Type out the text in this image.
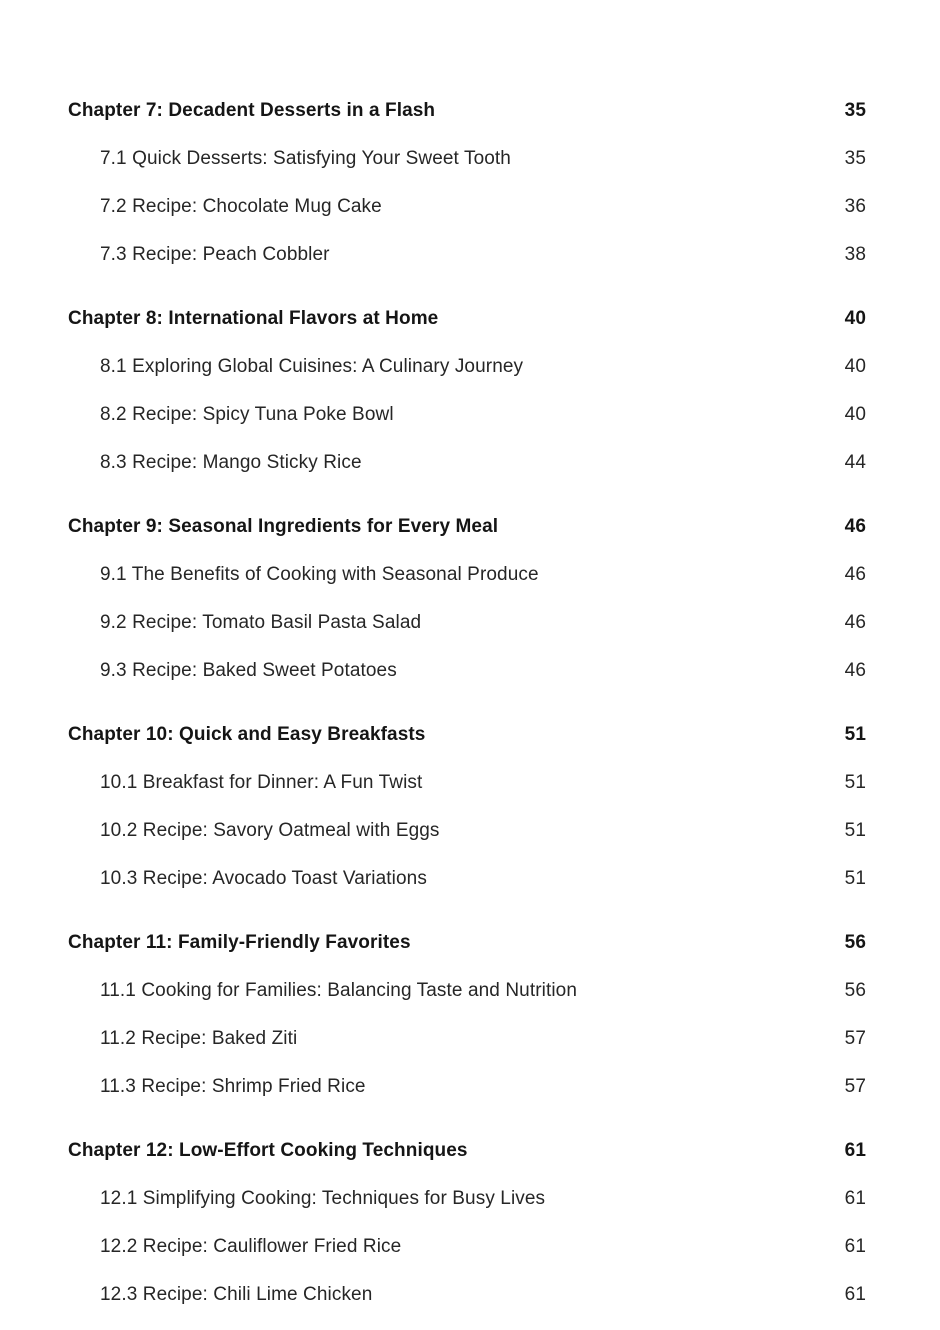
Chapter 7: Decadent Desserts in a Flash	35
7.1 Quick Desserts: Satisfying Your Sweet Tooth	35
7.2 Recipe: Chocolate Mug Cake	36
7.3 Recipe: Peach Cobbler	38
Chapter 8: International Flavors at Home	40
8.1 Exploring Global Cuisines: A Culinary Journey	40
8.2 Recipe: Spicy Tuna Poke Bowl	40
8.3 Recipe: Mango Sticky Rice	44
Chapter 9: Seasonal Ingredients for Every Meal	46
9.1 The Benefits of Cooking with Seasonal Produce	46
9.2 Recipe: Tomato Basil Pasta Salad	46
9.3 Recipe: Baked Sweet Potatoes	46
Chapter 10: Quick and Easy Breakfasts	51
10.1 Breakfast for Dinner: A Fun Twist	51
10.2 Recipe: Savory Oatmeal with Eggs	51
10.3 Recipe: Avocado Toast Variations	51
Chapter 11: Family-Friendly Favorites	56
11.1 Cooking for Families: Balancing Taste and Nutrition	56
11.2 Recipe: Baked Ziti	57
11.3 Recipe: Shrimp Fried Rice	57
Chapter 12: Low-Effort Cooking Techniques	61
12.1 Simplifying Cooking: Techniques for Busy Lives	61
12.2 Recipe: Cauliflower Fried Rice	61
12.3 Recipe: Chili Lime Chicken	61
